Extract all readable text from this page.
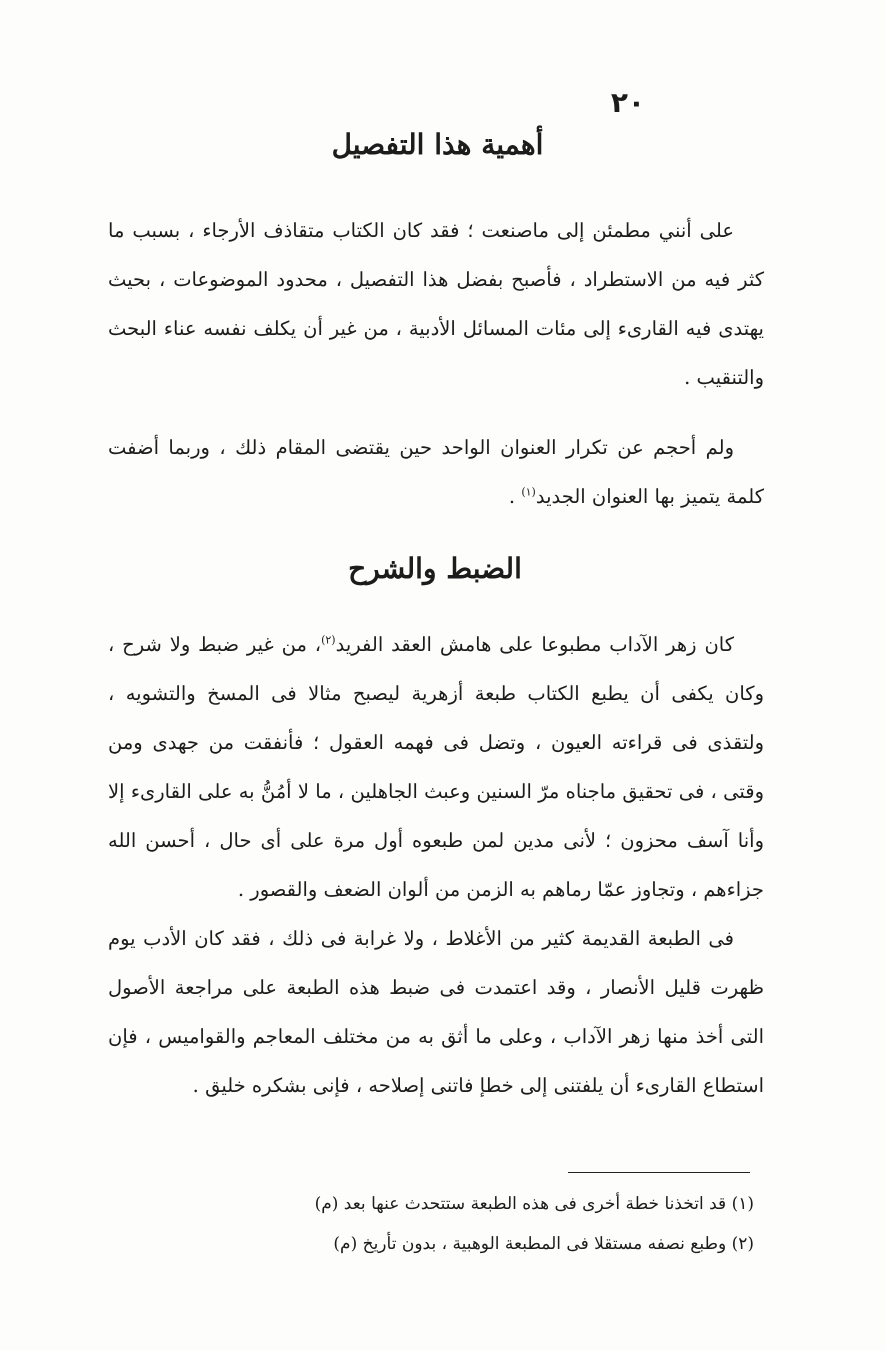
٢٠
أهمية هذا التفصيل

على أنني مطمئن إلى ماصنعت ؛ فقد كان الكتاب متقاذف الأرجاء ، بسبب ما كثر فيه من الاستطراد ، فأصبح بفضل هذا التفصيل ، محدود الموضوعات ، بحيث يهتدى فيه القارىء إلى مئات المسائل الأدبية ، من غير أن يكلف نفسه عناء البحث والتنقيب .

ولم أحجم عن تكرار العنوان الواحد حين يقتضى المقام ذلك ، وربما أضفت كلمة يتميز بها العنوان الجديد$^{(١)}$ .

الضبط والشرح

كان زهر الآداب مطبوعا على هامش العقد الفريد$^{(٢)}$، من غير ضبط ولا شرح ، وكان يكفى أن يطبع الكتاب طبعة أزهرية ليصبح مثالا فى المسخ والتشويه ، ولتقذى فى قراءته العيون ، وتضل فى فهمه العقول ؛ فأنفقت من جهدى ومن وقتى ، فى تحقيق ماجناه مرّ السنين وعبث الجاهلين ، ما لا أمُنُّ به على القارىء إلا وأنا آسف محزون ؛ لأنى مدين لمن طبعوه أول مرة على أى حال ، أحسن الله جزاءهم ، وتجاوز عمّا رماهم به الزمن من ألوان الضعف والقصور .

فى الطبعة القديمة كثير من الأغلاط ، ولا غرابة فى ذلك ، فقد كان الأدب يوم ظهرت قليل الأنصار ، وقد اعتمدت فى ضبط هذه الطبعة على مراجعة الأصول التى أخذ منها زهر الآداب ، وعلى ما أثق به من مختلف المعاجم والقواميس ، فإن استطاع القارىء أن يلفتنى إلى خطإ فاتنى إصلاحه ، فإنى بشكره خليق .

(١) قد اتخذنا خطة أخرى فى هذه الطبعة ستتحدث عنها بعد (م)
(٢) وطبع نصفه مستقلا فى المطبعة الوهبية ، بدون تأريخ (م)
